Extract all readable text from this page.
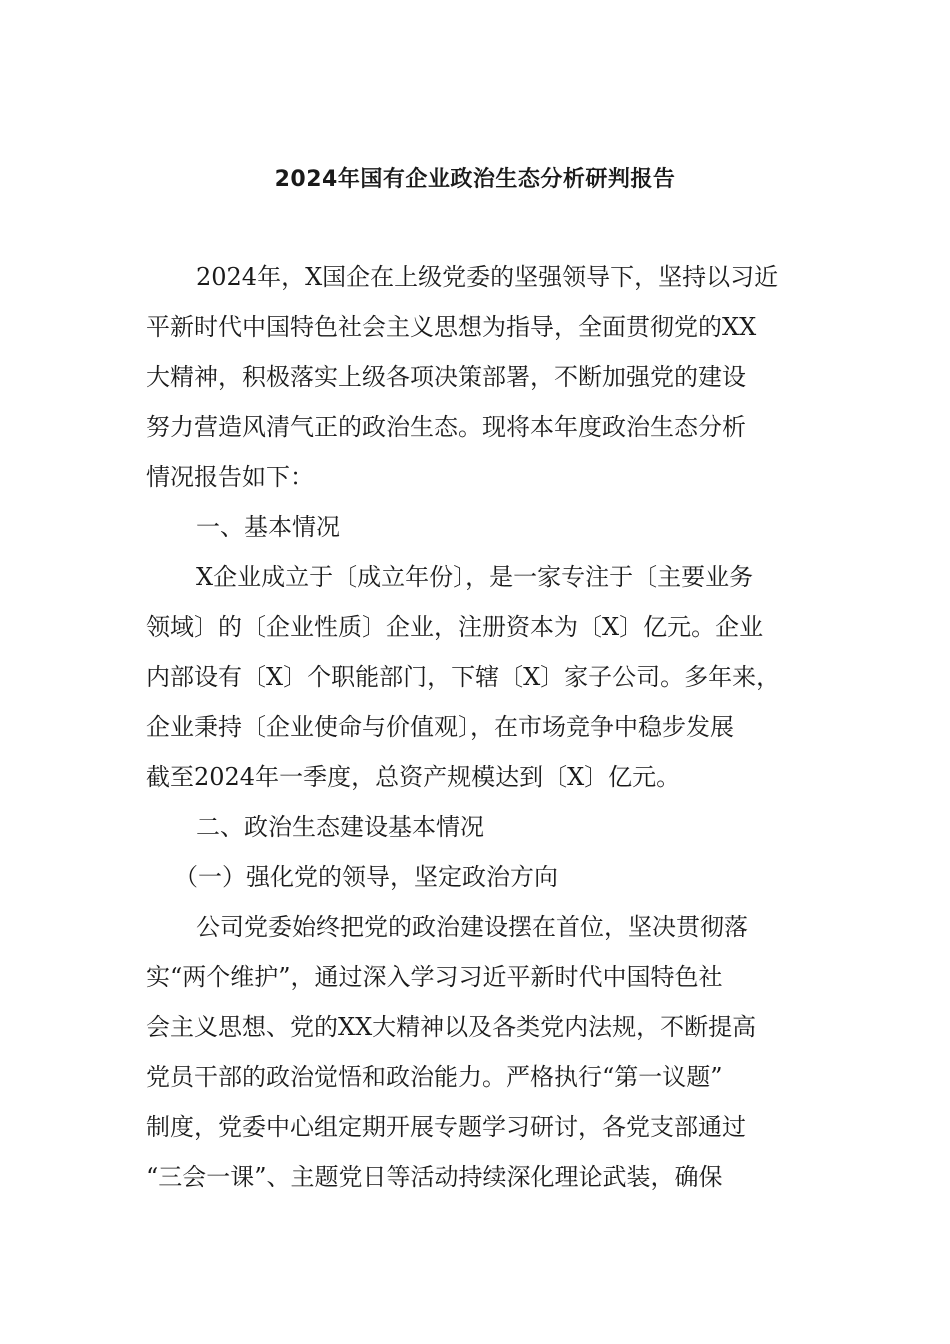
2024年国有企业政治生态分析研判报告
2024年，X国企在上级党委的坚强领导下，坚持以习近
平新时代中国特色社会主义思想为指导，全面贯彻党的XX
大精神，积极落实上级各项决策部署，不断加强党的建设
努力营造风清气正的政治生态。现将本年度政治生态分析
情况报告如下：
一、基本情况
X企业成立于〔成立年份〕，是一家专注于〔主要业务
领域〕的〔企业性质〕企业，注册资本为〔X〕亿元。企业
内部设有〔X〕个职能部门，下辖〔X〕家子公司。多年来，
企业秉持〔企业使命与价值观〕，在市场竞争中稳步发展
截至2024年一季度，总资产规模达到〔X〕亿元。
二、政治生态建设基本情况
（一）强化党的领导，坚定政治方向
公司党委始终把党的政治建设摆在首位，坚决贯彻落
实“两个维护”，通过深入学习习近平新时代中国特色社
会主义思想、党的XX大精神以及各类党内法规，不断提高
党员干部的政治觉悟和政治能力。严格执行“第一议题”
制度，党委中心组定期开展专题学习研讨，各党支部通过
“三会一课”、主题党日等活动持续深化理论武装，确保
